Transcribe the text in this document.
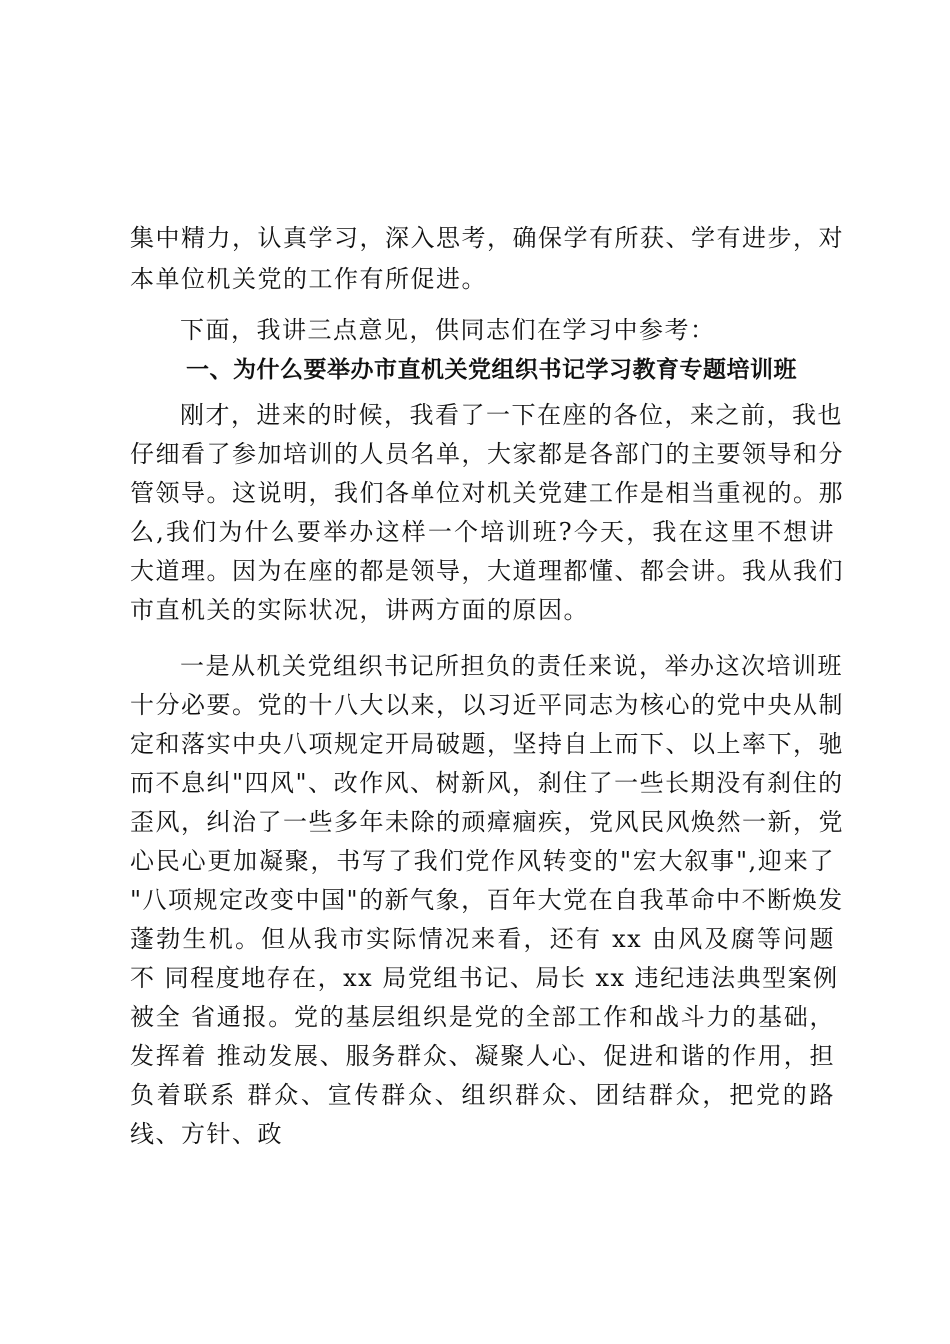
集中精力，认真学习，深入思考，确保学有所获、学有进步，对
本单位机关党的工作有所促进。
下面，我讲三点意见，供同志们在学习中参考：
一、为什么要举办市直机关党组织书记学习教育专题培训班
刚才，进来的时候，我看了一下在座的各位，来之前，我也
仔细看了参加培训的人员名单，大家都是各部门的主要领导和分
管领导。这说明，我们各单位对机关党建工作是相当重视的。那
么,我们为什么要举办这样一个培训班?今天，我在这里不想讲
大道理。因为在座的都是领导，大道理都懂、都会讲。我从我们
市直机关的实际状况，讲两方面的原因。
一是从机关党组织书记所担负的责任来说，举办这次培训班
十分必要。党的十八大以来，以习近平同志为核心的党中央从制
定和落实中央八项规定开局破题，坚持自上而下、以上率下，驰
而不息纠"四风"、改作风、树新风，刹住了一些长期没有刹住的
歪风，纠治了一些多年未除的顽瘴痼疾，党风民风焕然一新，党
心民心更加凝聚，书写了我们党作风转变的"宏大叙事",迎来了
"八项规定改变中国"的新气象，百年大党在自我革命中不断焕发
蓬勃生机。但从我市实际情况来看，还有 xx 由风及腐等问题
不 同程度地存在，xx 局党组书记、局长 xx 违纪违法典型案例
被全 省通报。党的基层组织是党的全部工作和战斗力的基础，
发挥着 推动发展、服务群众、凝聚人心、促进和谐的作用，担
负着联系 群众、宣传群众、组织群众、团结群众，把党的路
线、方针、政
